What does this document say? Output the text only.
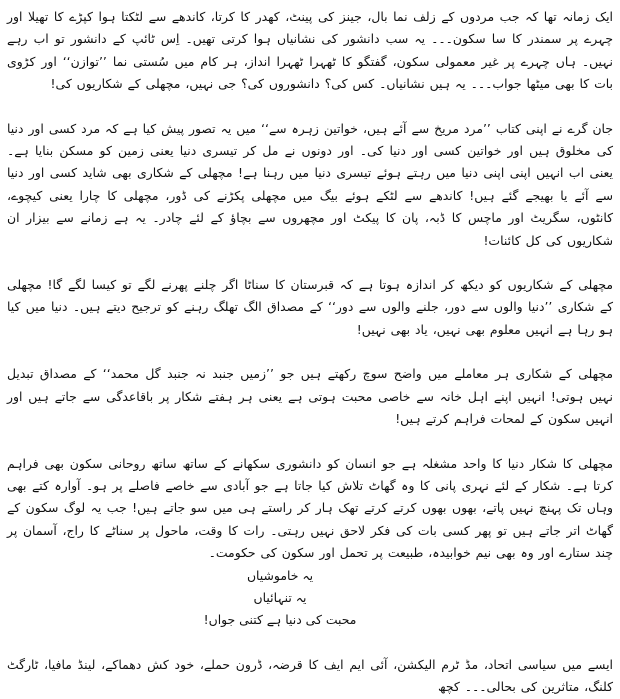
ایک زمانہ تھا کہ جب مردوں کے زلف نما بال، جینز کی پینٹ، کھدر کا کرتا، کاندھے سے لٹکتا ہوا کپڑے کا تھیلا اور چہرے پر سمندر کا سا سکون۔۔۔ یہ سب دانشور کی نشانیاں ہوا کرتی تھیں۔ اِس ٹائپ کے دانشور تو اب رہے نہیں۔ ہاں چہرے پر غیر معمولی سکون، گفتگو کا ٹھہرا ٹھہرا انداز، ہر کام میں سُستی نما ’’توازن‘‘ اور کڑوی بات کا بھی میٹھا جواب۔۔۔ یہ ہیں نشانیاں۔ کس کی؟ دانشوروں کی؟ جی نہیں، مچھلی کے شکاریوں کی!

جان گرے نے اپنی کتاب ’’مرد مریخ سے آئے ہیں، خواتین زہرہ سے‘‘ میں یہ تصور پیش کیا ہے کہ مرد کسی اور دنیا کی مخلوق ہیں اور خواتین کسی اور دنیا کی۔ اور دونوں نے مل کر تیسری دنیا یعنی زمین کو مسکن بنایا ہے۔ یعنی اب انہیں اپنی اپنی دنیا میں رہتے ہوئے تیسری دنیا میں رہنا ہے! مچھلی کے شکاری بھی شاید کسی اور دنیا سے آئے یا بھیجے گئے ہیں! کاندھے سے لٹکے ہوئے بیگ میں مچھلی پکڑنے کی ڈور، مچھلی کا چارا یعنی کیچوے، کانٹوں، سگریٹ اور ماچس کا ڈبہ، پان کا پیکٹ اور مچھروں سے بچاؤ کے لئے چادر۔ یہ ہے زمانے سے بیزار ان شکاریوں کی کل کائنات!

مچھلی کے شکاریوں کو دیکھ کر اندازہ ہوتا ہے کہ قبرستان کا سناٹا اگر چلنے پھرنے لگے تو کیسا لگے گا! مچھلی کے شکاری ’’دنیا والوں سے دور، جلنے والوں سے دور‘‘ کے مصداق الگ تھلگ رہنے کو ترجیح دیتے ہیں۔ دنیا میں کیا ہو رہا ہے انہیں معلوم بھی نہیں، یاد بھی نہیں!

مچھلی کے شکاری ہر معاملے میں واضح سوچ رکھتے ہیں جو ’’زمیں جنبد نہ جنبد گل محمد‘‘ کے مصداق تبدیل نہیں ہوتی! انہیں اپنے اہل خانہ سے خاصی محبت ہوتی ہے یعنی ہر ہفتے شکار پر باقاعدگی سے جاتے ہیں اور انہیں سکون کے لمحات فراہم کرتے ہیں!

مچھلی کا شکار دنیا کا واحد مشغلہ ہے جو انسان کو دانشوری سکھانے کے ساتھ ساتھ روحانی سکون بھی فراہم کرتا ہے۔ شکار کے لئے نہری پانی کا وہ گھاٹ تلاش کیا جاتا ہے جو آبادی سے خاصے فاصلے پر ہو۔ آوارہ کتے بھی وہاں تک پہنچ نہیں پاتے، بھوں بھوں کرتے کرتے تھک ہار کر راستے ہی میں سو جاتے ہیں! جب یہ لوگ سکون کے گھاٹ اتر جاتے ہیں تو پھر کسی بات کی فکر لاحق نہیں رہتی۔ رات کا وقت، ماحول پر سناٹے کا راج، آسمان پر چند ستارے اور وہ بھی نیم خوابیدہ، طبیعت پر تحمل اور سکون کی حکومت۔

یہ خاموشیاں

یہ تنہائیاں

محبت کی دنیا ہے کتنی جواں!

ایسے میں سیاسی اتحاد، مڈ ٹرم الیکشن، آئی ایم ایف کا قرضہ، ڈرون حملے، خود کش دھماکے، لینڈ مافیا، ٹارگٹ کلنگ، متاثرین کی بحالی۔۔۔ کچھ
